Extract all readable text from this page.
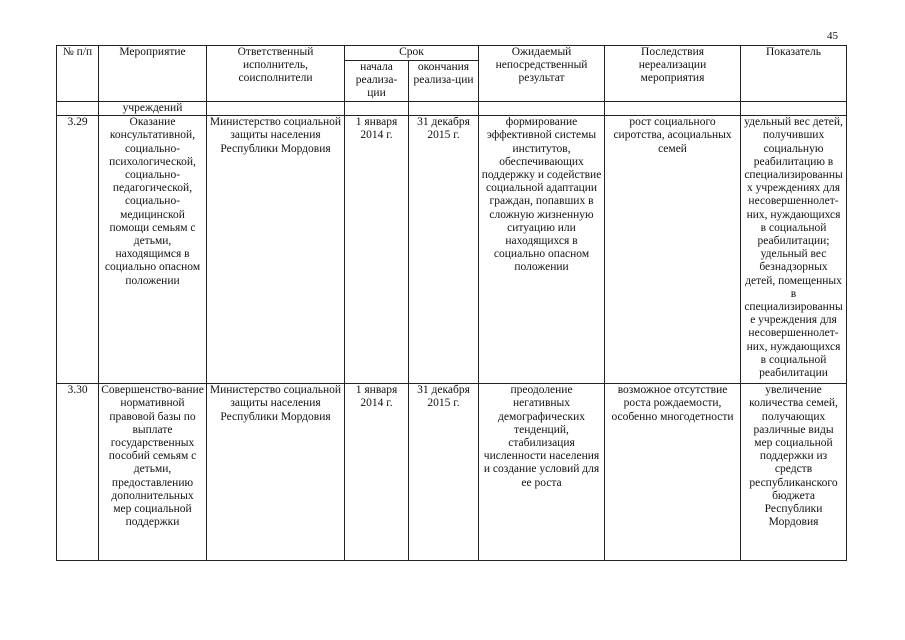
45
№ п/п	Мероприятие	Ответственный исполнитель, соисполнители	Срок		Ожидаемый непосредственный результат	Последствия нереализации мероприятия	Показатель
			начала реализа-ции	окончания реализа-ции			
	учреждений						
3.29	Оказание консультативной, социально-психологической, социально-педагогической, социально-медицинской помощи семьям с детьми, находящимся в социально опасном положении	Министерство социальной защиты населения Республики Мордовия	1 января 2014 г.	31 декабря 2015 г.	формирование эффективной системы институтов, обеспечивающих поддержку и содействие социальной адаптации граждан, попавших в сложную жизненную ситуацию или находящихся в социально опасном положении	рост социального сиротства, асоциальных семей	удельный вес детей, получивших социальную реабилитацию в специализированных учреждениях для несовершеннолет-них, нуждающихся в социальной реабилитации; удельный вес безнадзорных детей, помещенных в специализированные учреждения для несовершеннолет-них, нуждающихся в социальной реабилитации
3.30	Совершенство-вание нормативной правовой базы по выплате государственных пособий семьям с детьми, предоставлению дополнительных мер социальной поддержки	Министерство социальной защиты населения Республики Мордовия	1 января 2014 г.	31 декабря 2015 г.	преодоление негативных демографических тенденций, стабилизация численности населения и создание условий для ее роста	возможное отсутствие роста рождаемости, особенно многодетности	увеличение количества семей, получающих различные виды мер социальной поддержки из средств республиканского бюджета Республики Мордовия
